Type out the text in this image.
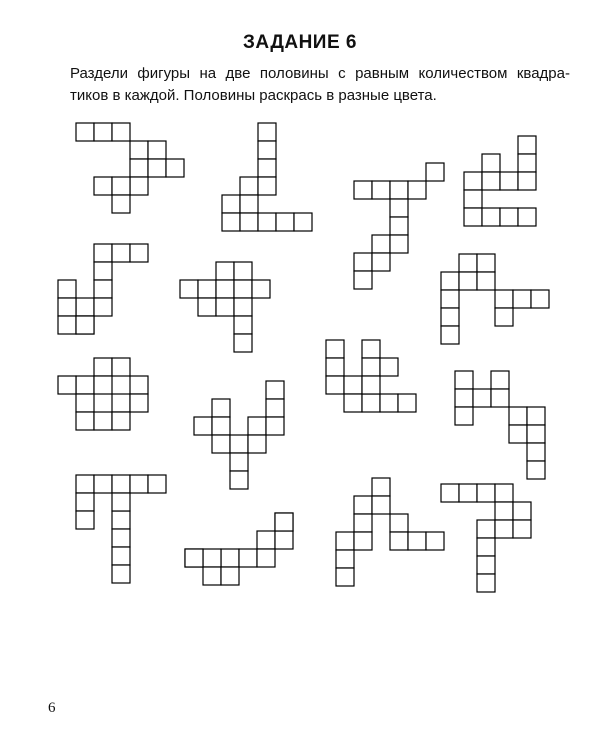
ЗАДАНИЕ 6
Раздели фигуры на две половины с равным количеством квадра-
тиков в каждой. Половины раскрась в разные цвета.
6
